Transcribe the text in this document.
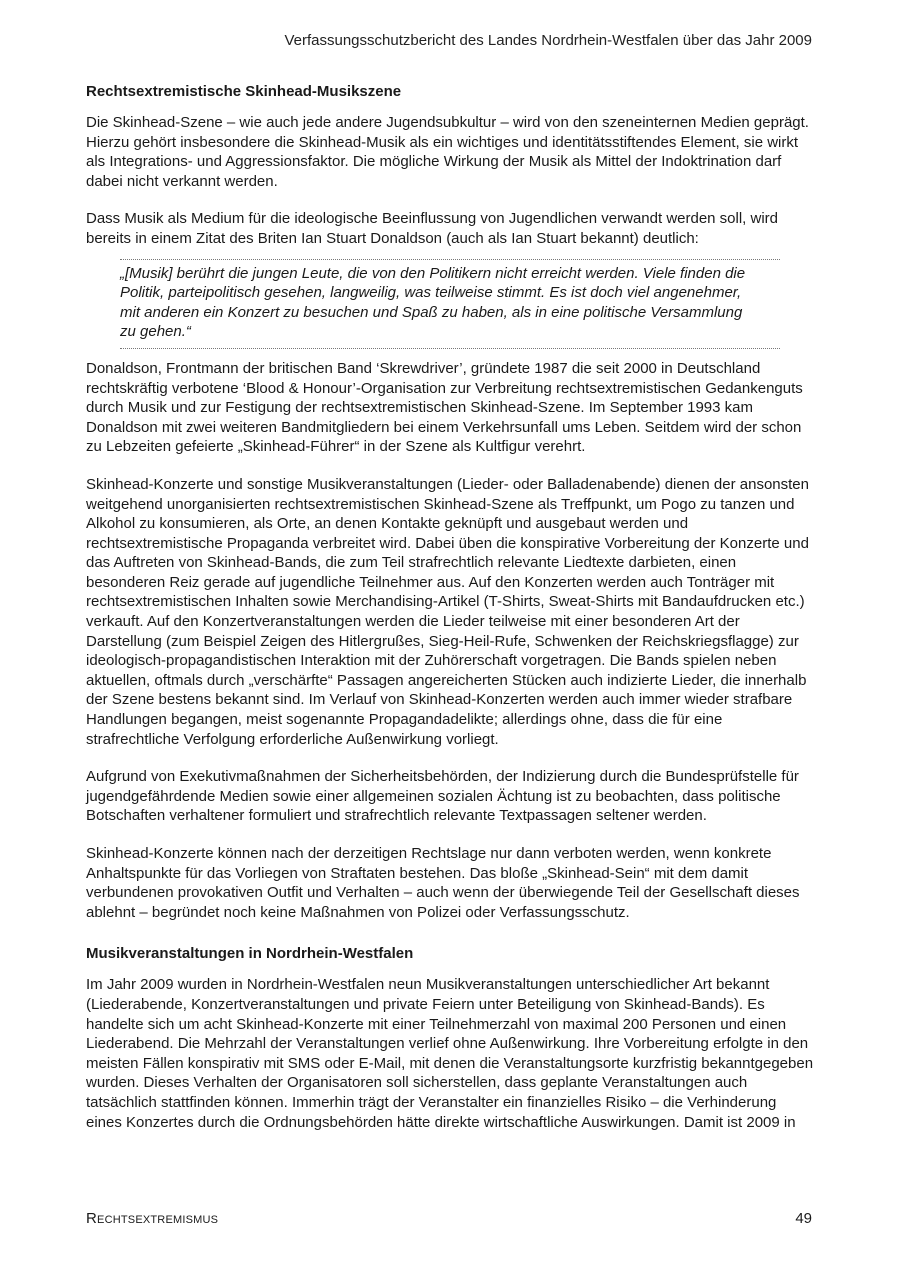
Verfassungsschutzbericht des Landes Nordrhein-Westfalen über das Jahr 2009
Rechtsextremistische Skinhead-Musikszene

Die Skinhead-Szene – wie auch jede andere Jugendsubkultur – wird von den szeneinternen Medien geprägt. Hierzu gehört insbesondere die Skinhead-Musik als ein wichtiges und identitätsstiftendes Element, sie wirkt als Integrations- und Aggressionsfaktor. Die mögliche Wirkung der Musik als Mittel der Indoktrination darf dabei nicht verkannt werden.

Dass Musik als Medium für die ideologische Beeinflussung von Jugendlichen verwandt werden soll, wird bereits in einem Zitat des Briten Ian Stuart Donaldson (auch als Ian Stuart bekannt) deutlich:

„[Musik] berührt die jungen Leute, die von den Politikern nicht erreicht werden. Viele finden die Politik, parteipolitisch gesehen, langweilig, was teilweise stimmt. Es ist doch viel angenehmer, mit anderen ein Konzert zu besuchen und Spaß zu haben, als in eine politische Versammlung zu gehen.“

Donaldson, Frontmann der britischen Band ‘Skrewdriver’, gründete 1987 die seit 2000 in Deutschland rechtskräftig verbotene ‘Blood & Honour’-Organisation zur Verbreitung rechtsextremistischen Gedankenguts durch Musik und zur Festigung der rechtsextremistischen Skinhead-Szene. Im September 1993 kam Donaldson mit zwei weiteren Bandmitgliedern bei einem Verkehrsunfall ums Leben. Seitdem wird der schon zu Lebzeiten gefeierte „Skinhead-Führer“ in der Szene als Kultfigur verehrt.

Skinhead-Konzerte und sonstige Musikveranstaltungen (Lieder- oder Balladenabende) dienen der ansonsten weitgehend unorganisierten rechtsextremistischen Skinhead-Szene als Treffpunkt, um Pogo zu tanzen und Alkohol zu konsumieren, als Orte, an denen Kontakte geknüpft und ausgebaut werden und rechtsextremistische Propaganda verbreitet wird. Dabei üben die konspirative Vorbereitung der Konzerte und das Auftreten von Skinhead-Bands, die zum Teil strafrechtlich relevante Liedtexte darbieten, einen besonderen Reiz gerade auf jugendliche Teilnehmer aus. Auf den Konzerten werden auch Tonträger mit rechtsextremistischen Inhalten sowie Merchandising-Artikel (T-Shirts, Sweat-Shirts mit Bandaufdrucken etc.) verkauft. Auf den Konzertveranstaltungen werden die Lieder teilweise mit einer besonderen Art der Darstellung (zum Beispiel Zeigen des Hitlergrußes, Sieg-Heil-Rufe, Schwenken der Reichskriegsflagge) zur ideologisch-propagandistischen Interaktion mit der Zuhörerschaft vorgetragen. Die Bands spielen neben aktuellen, oftmals durch „verschärfte“ Passagen angereicherten Stücken auch indizierte Lieder, die innerhalb der Szene bestens bekannt sind. Im Verlauf von Skinhead-Konzerten werden auch immer wieder strafbare Handlungen begangen, meist sogenannte Propagandadelikte; allerdings ohne, dass die für eine strafrechtliche Verfolgung erforderliche Außenwirkung vorliegt.

Aufgrund von Exekutivmaßnahmen der Sicherheitsbehörden, der Indizierung durch die Bundesprüfstelle für jugendgefährdende Medien sowie einer allgemeinen sozialen Ächtung ist zu beobachten, dass politische Botschaften verhaltener formuliert und strafrechtlich relevante Textpassagen seltener werden.

Skinhead-Konzerte können nach der derzeitigen Rechtslage nur dann verboten werden, wenn konkrete Anhaltspunkte für das Vorliegen von Straftaten bestehen. Das bloße „Skinhead-Sein“ mit dem damit verbundenen provokativen Outfit und Verhalten – auch wenn der überwiegende Teil der Gesellschaft dieses ablehnt – begründet noch keine Maßnahmen von Polizei oder Verfassungsschutz.

Musikveranstaltungen in Nordrhein-Westfalen

Im Jahr 2009 wurden in Nordrhein-Westfalen neun Musikveranstaltungen unterschiedlicher Art bekannt (Liederabende, Konzertveranstaltungen und private Feiern unter Beteiligung von Skinhead-Bands). Es handelte sich um acht Skinhead-Konzerte mit einer Teilnehmerzahl von maximal 200 Personen und einen Liederabend. Die Mehrzahl der Veranstaltungen verlief ohne Außenwirkung. Ihre Vorbereitung erfolgte in den meisten Fällen konspirativ mit SMS oder E-Mail, mit denen die Veranstaltungsorte kurzfristig bekanntgegeben wurden. Dieses Verhalten der Organisatoren soll sicherstellen, dass geplante Veranstaltungen auch tatsächlich stattfinden können. Immerhin trägt der Veranstalter ein finanzielles Risiko – die Verhinderung eines Konzertes durch die Ordnungsbehörden hätte direkte wirtschaftliche Auswirkungen. Damit ist 2009 in

Rechtsextremismus	49
